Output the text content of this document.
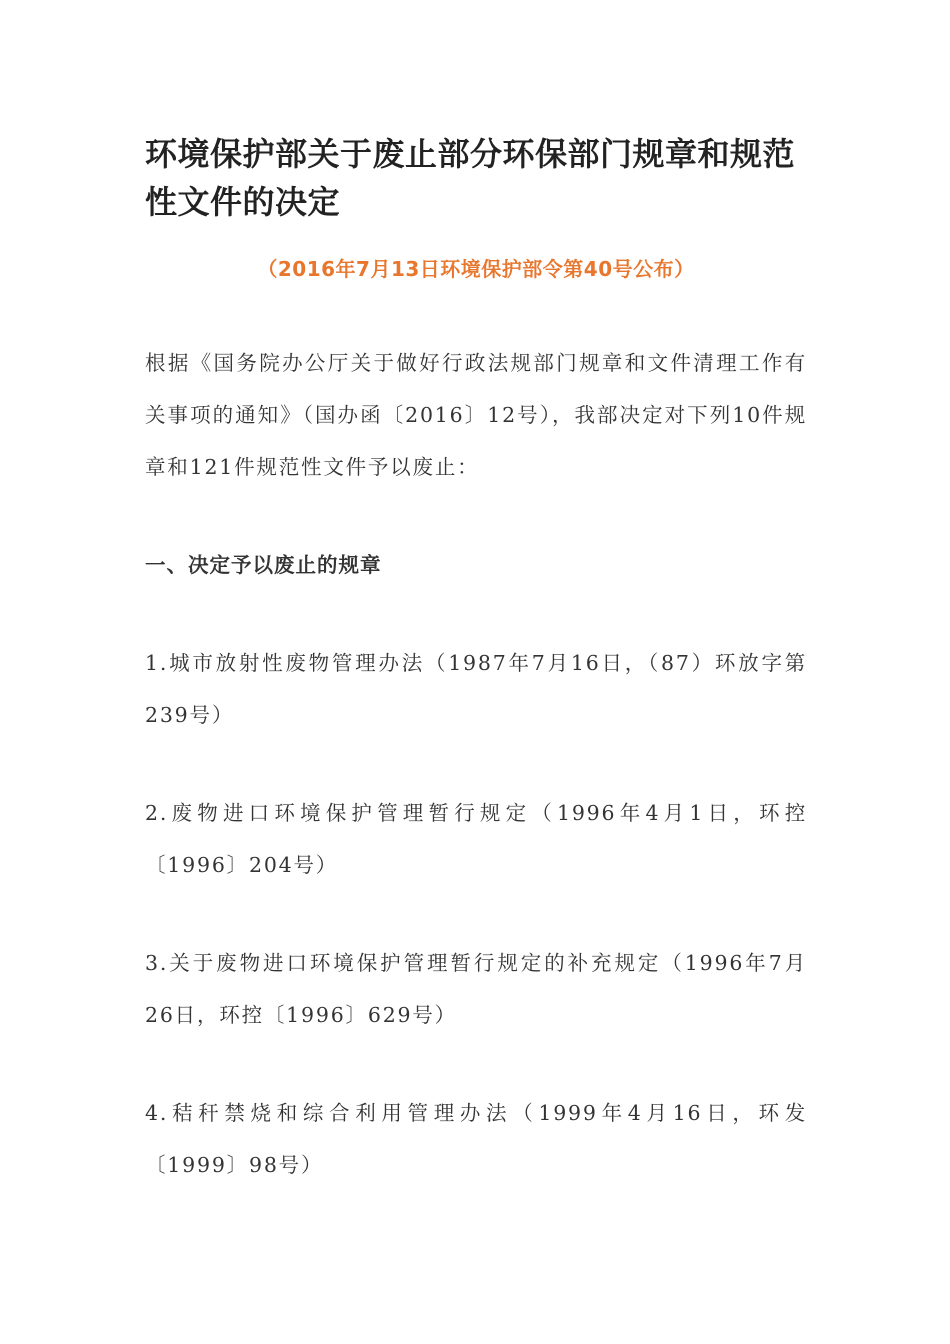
环境保护部关于废止部分环保部门规章和规范性文件的决定

（2016年7月13日环境保护部令第40号公布）

根据《国务院办公厅关于做好行政法规部门规章和文件清理工作有关事项的通知》（国办函〔2016〕12号），我部决定对下列10件规章和121件规范性文件予以废止：

一、决定予以废止的规章

1.城市放射性废物管理办法（1987年7月16日，（87）环放字第239号）

2.废物进口环境保护管理暂行规定（1996年4月1日，环控〔1996〕204号）

3.关于废物进口环境保护管理暂行规定的补充规定（1996年7月26日，环控〔1996〕629号）

4.秸秆禁烧和综合利用管理办法（1999年4月16日，环发〔1999〕98号）
